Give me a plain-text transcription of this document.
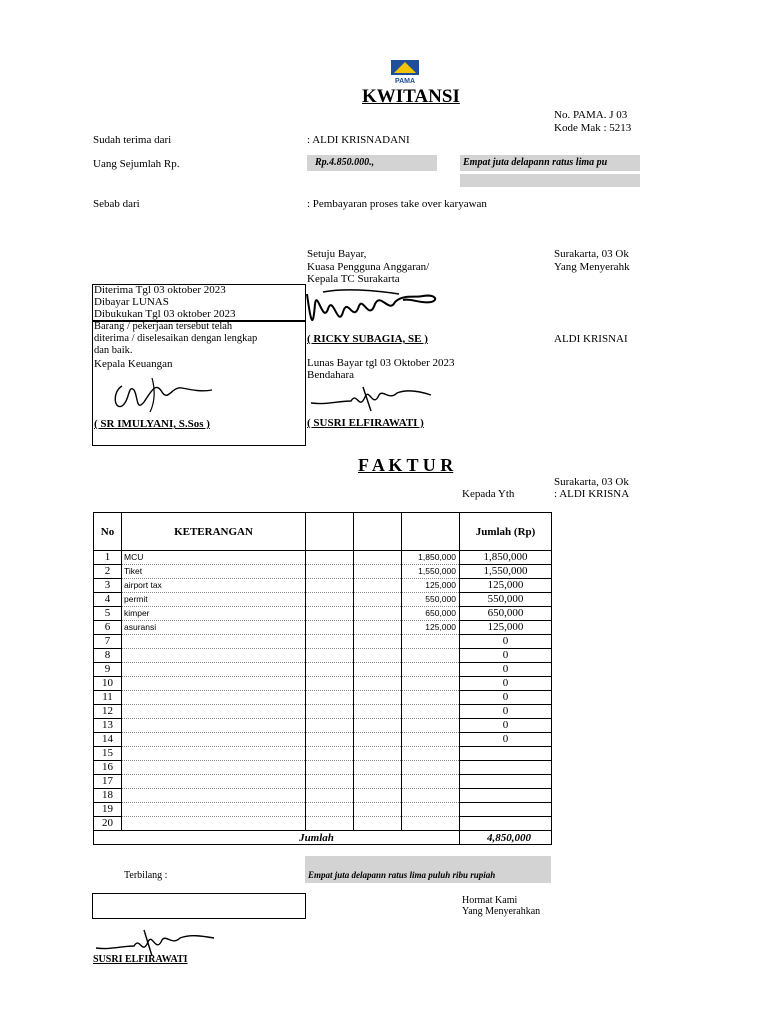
PAMA
KWITANSI
No. PAMA. J 03
Kode Mak : 5213
Sudah terima dari	: ALDI KRISNADANI
Uang Sejumlah Rp.	Rp.4.850.000.,	Empat juta delapann ratus lima pu
Sebab dari	: Pembayaran proses take over karyawan
Setuju Bayar,
Kuasa Pengguna Anggaran/
Kepala TC Surakarta
Surakarta, 03 Ok
Yang Menyerahk
( RICKY SUBAGIA, SE )	ALDI KRISNAI
Lunas Bayar tgl 03 Oktober 2023
Bendahara
( SUSRI ELFIRAWATI )
Diterima Tgl 03 oktober 2023
Dibayar LUNAS
Dibukukan Tgl 03 oktober 2023
Barang / pekerjaan tersebut telah
diterima / diselesaikan dengan lengkap
dan baik.
Kepala Keuangan
( SR IMULYANI, S.Sos )
F A K T U R
Surakarta, 03 Ok
Kepada Yth	: ALDI KRISNA
No	KETERANGAN				Jumlah (Rp)
1	MCU			1,850,000	1,850,000
2	Tiket			1,550,000	1,550,000
3	airport tax			125,000	125,000
4	permit			550,000	550,000
5	kimper			650,000	650,000
6	asuransi			125,000	125,000
7					0
8					0
9					0
10					0
11					0
12					0
13					0
14					0
15					
16					
17					
18					
19					
20					
Jumlah					4,850,000
Terbilang :	Empat juta delapann ratus lima puluh ribu rupiah
Hormat Kami
Yang Menyerahkan
SUSRI ELFIRAWATI
